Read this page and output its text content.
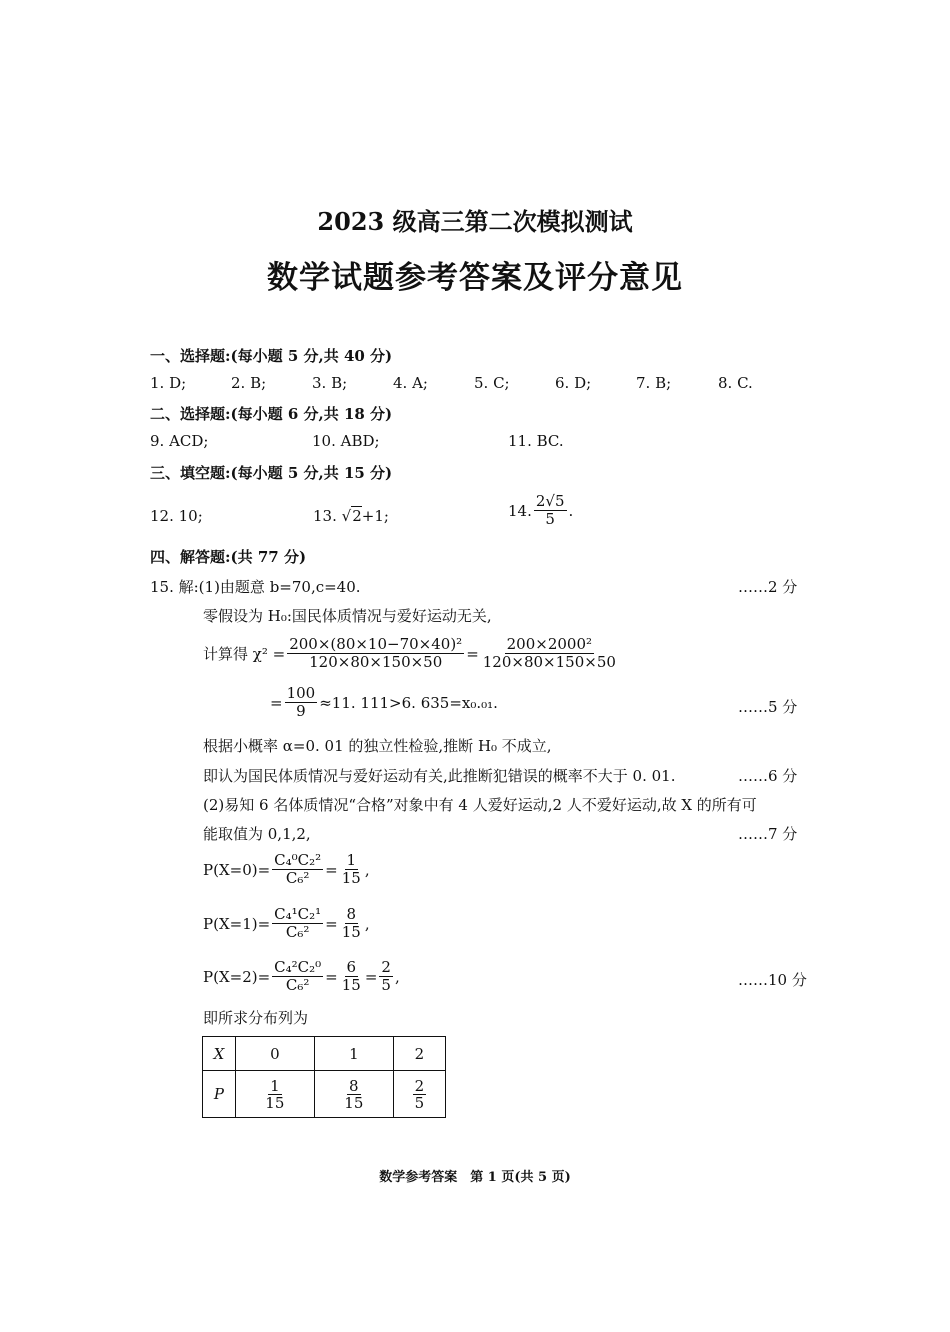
2023 级高三第二次模拟测试
数学试题参考答案及评分意见
一、选择题:(每小题 5 分,共 40 分)
1. D;	2. B;	3. B;	4. A;	5. C;	6. D;	7. B;	8. C.
二、选择题:(每小题 6 分,共 18 分)
9. ACD;	10. ABD;	11. BC.
三、填空题:(每小题 5 分,共 15 分)
12. 10;	13. √2+1;	14. $\frac{2√5}{5}$ .
四、解答题:(共 77 分)
15. 解:(1)由题意 b=70,c=40.	……2 分
零假设为 H₀:国民体质情况与爱好运动无关,
计算得 $\chi^2 = \frac{\text{200×(80×10−70×40)²}}{120\times 80\times 150\times 50} = \frac{\text{200×2000²}}{120\times 80\times 150\times 50}$
= $\frac{100}{9} \approx 11$. 111>6. 635=x₀.₀₁.	……5 分
根据小概率 α=0. 01 的独立性检验,推断 H₀ 不成立,
即认为国民体质情况与爱好运动有关,此推断犯错误的概率不大于 0. 01.	……6 分
(2)易知 6 名体质情况“合格”对象中有 4 人爱好运动,2 人不爱好运动,故 X 的所有可
能取值为 0,1,2,	……7 分
$P(X=0)= \frac{\text{C₄⁰C₂²}}{\text{C₆²}} = \frac{1}{15}$ ,
$P(X=1)= \frac{\text{C₄¹C₂¹}}{\text{C₆²}} = \frac{8}{15}$ ,
$P(X=2)= \frac{\text{C₄²C₂⁰}}{\text{C₆²}} = \frac{6}{15} = \frac{2}{5}$ ,	……10 分
即所求分布列为
X	0	1	2
P	$\frac{1}{15}$	$\frac{8}{15}$	$\frac{2}{5}$
数学参考答案　第 1 页(共 5 页)
